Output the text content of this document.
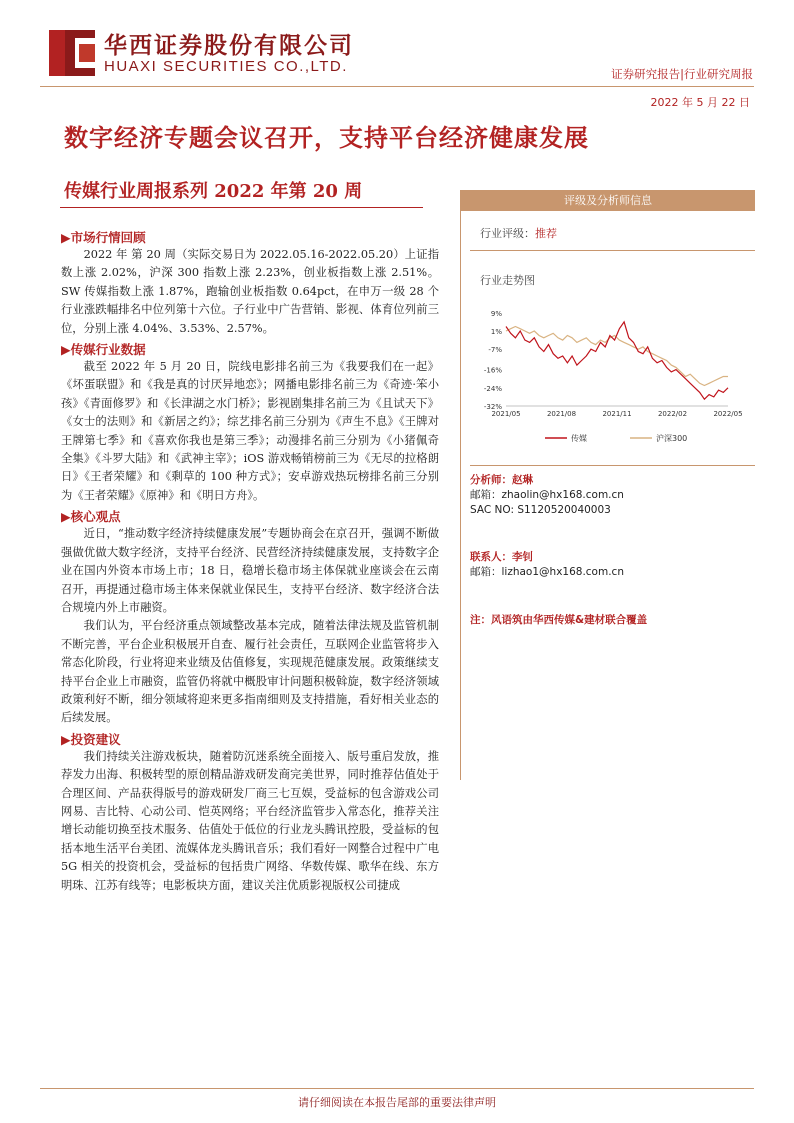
华西证券股份有限公司
HUAXI SECURITIES CO.,LTD.	证券研究报告|行业研究周报
2022 年 5 月 22 日
数字经济专题会议召开，支持平台经济健康发展
传媒行业周报系列 2022 年第 20 周
▶市场行情回顾

2022 年 第 20 周（实际交易日为 2022.05.16-2022.05.20）上证指数上涨 2.02%，沪深 300 指数上涨 2.23%，创业板指数上涨 2.51%。SW 传媒指数上涨 1.87%，跑输创业板指数 0.64pct，在申万一级 28 个行业涨跌幅排名中位列第十六位。子行业中广告营销、影视、体育位列前三位，分别上涨 4.04%、3.53%、2.57%。

▶传媒行业数据

截至 2022 年 5 月 20 日，院线电影排名前三为《我要我们在一起》《坏蛋联盟》和《我是真的讨厌异地恋》；网播电影排名前三为《奇迹·笨小孩》《青面修罗》和《长津湖之水门桥》；影视剧集排名前三为《且试天下》《女士的法则》和《新居之约》；综艺排名前三分别为《声生不息》《王牌对王牌第七季》和《喜欢你我也是第三季》；动漫排名前三分别为《小猪佩奇全集》《斗罗大陆》和《武神主宰》；iOS 游戏畅销榜前三为《无尽的拉格朗日》《王者荣耀》和《剩草的 100 种方式》；安卓游戏热玩榜排名前三分别为《王者荣耀》《原神》和《明日方舟》。

▶核心观点

近日，“推动数字经济持续健康发展”专题协商会在京召开，强调不断做强做优做大数字经济，支持平台经济、民营经济持续健康发展，支持数字企业在国内外资本市场上市；18 日，稳增长稳市场主体保就业座谈会在云南召开，再提通过稳市场主体来保就业保民生，支持平台经济、数字经济合法合规境内外上市融资。

我们认为，平台经济重点领域整改基本完成，随着法律法规及监管机制不断完善，平台企业积极展开自查、履行社会责任，互联网企业监管将步入常态化阶段，行业将迎来业绩及估值修复，实现规范健康发展。政策继续支持平台企业上市融资，监管仍将就中概股审计问题积极斡旋，数字经济领域政策利好不断，细分领域将迎来更多指南细则及支持措施，看好相关业态的后续发展。

▶投资建议

我们持续关注游戏板块，随着防沉迷系统全面接入、版号重启发放，推荐发力出海、积极转型的原创精品游戏研发商完美世界，同时推荐估值处于合理区间、产品获得版号的游戏研发厂商三七互娱，受益标的包含游戏公司网易、吉比特、心动公司、恺英网络；平台经济监管步入常态化，推荐关注增长动能切换至技术服务、估值处于低位的行业龙头腾讯控股，受益标的包括本地生活平台美团、流媒体龙头腾讯音乐；我们看好一网整合过程中广电 5G 相关的投资机会，受益标的包括贵广网络、华数传媒、歌华在线、东方明珠、江苏有线等；电影板块方面，建议关注优质影视版权公司捷成

评级及分析师信息
行业评级：推荐
行业走势图
9%
1%
-7%
-16%
-24%
-32%
2021/05	2021/08	2021/11	2022/02	2022/05
传媒	沪深300
分析师：赵琳
邮箱：zhaolin@hx168.com.cn
SAC NO: S1120520040003
联系人：李钊
邮箱：lizhao1@hx168.com.cn
注：风语筑由华西传媒&建材联合覆盖
请仔细阅读在本报告尾部的重要法律声明
